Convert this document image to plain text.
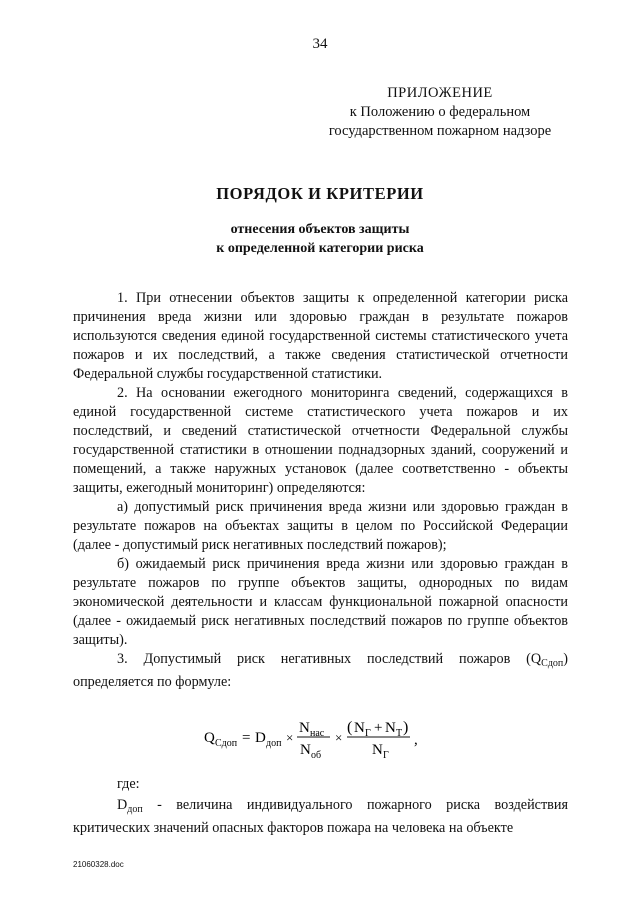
34
ПРИЛОЖЕНИЕ
к Положению о федеральном
государственном пожарном надзоре
ПОРЯДОК И КРИТЕРИИ
отнесения объектов защиты
к определенной категории риска

1. При отнесении объектов защиты к определенной категории риска причинения вреда жизни или здоровью граждан в результате пожаров используются сведения единой государственной системы статистического учета пожаров и их последствий, а также сведения статистической отчетности Федеральной службы государственной статистики.

2. На основании ежегодного мониторинга сведений, содержащихся в единой государственной системе статистического учета пожаров и их последствий, и сведений статистической отчетности Федеральной службы государственной статистики в отношении поднадзорных зданий, сооружений и помещений, а также наружных установок (далее соответственно - объекты защиты, ежегодный мониторинг) определяются:

а) допустимый риск причинения вреда жизни или здоровью граждан в результате пожаров на объектах защиты в целом по Российской Федерации (далее - допустимый риск негативных последствий пожаров);

б) ожидаемый риск причинения вреда жизни или здоровью граждан в результате пожаров по группе объектов защиты, однородных по видам экономической деятельности и классам функциональной пожарной опасности (далее - ожидаемый риск негативных последствий пожаров по группе объектов защиты).

3. Допустимый риск негативных последствий пожаров $(Q_{Сдоп})$ определяется по формуле:

Q Сдоп = D доп ×
N нас
N об
×
( N Г + N Т )
N Г
,
где:

$D_{доп}$ - величина индивидуального пожарного риска воздействия критических значений опасных факторов пожара на человека на объекте

21060328.doc
